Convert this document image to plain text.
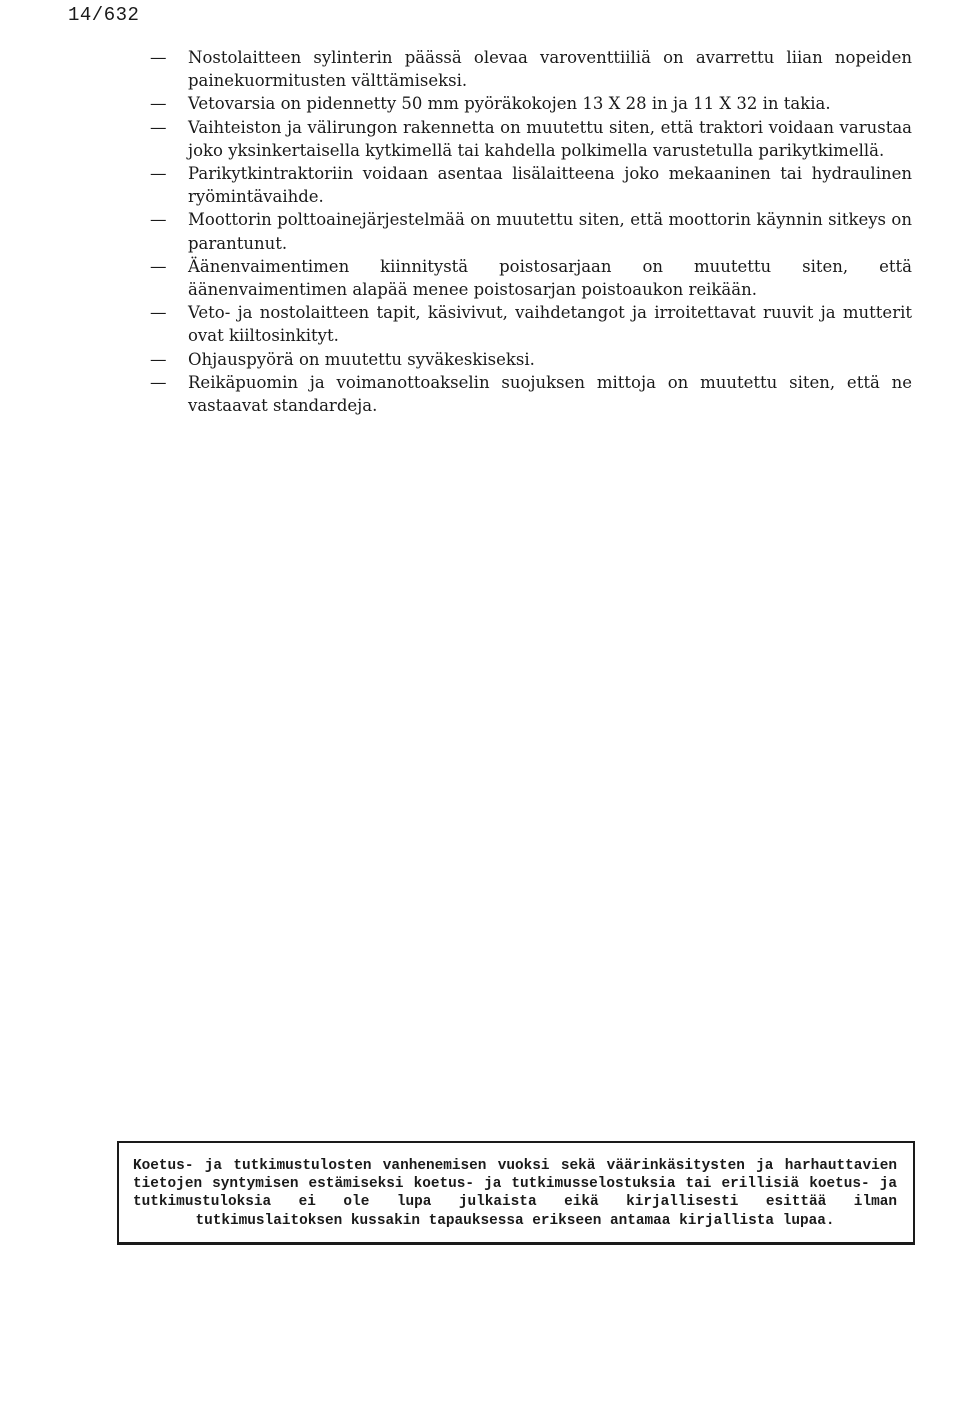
14/632
—	Nostolaitteen sylinterin päässä olevaa varoventtiiliä on avarrettu liian nopeiden painekuormitusten välttämiseksi.
—	Vetovarsia on pidennetty 50 mm pyöräkokojen 13 X 28 in ja 11 X 32 in takia.
—	Vaihteiston ja välirungon rakennetta on muutettu siten, että traktori voidaan varustaa joko yksinkertaisella kytkimellä tai kahdella polkimella varustetulla parikytkimellä.
—	Parikytkintraktoriin voidaan asentaa lisälaitteena joko mekaaninen tai hydraulinen ryömintävaihde.
—	Moottorin polttoainejärjestelmää on muutettu siten, että moottorin käynnin sitkeys on parantunut.
—	Äänenvaimentimen kiinnitystä poistosarjaan on muutettu siten, että äänenvaimentimen alapää menee poistosarjan poistoaukon reikään.
—	Veto- ja nostolaitteen tapit, käsivivut, vaihdetangot ja irroitettavat ruuvit ja mutterit ovat kiiltosinkityt.
—	Ohjauspyörä on muutettu syväkeskiseksi.
—	Reikäpuomin ja voimanottoakselin suojuksen mittoja on muutettu siten, että ne vastaavat standardeja.
Koetus- ja tutkimustulosten vanhenemisen vuoksi sekä väärinkäsitysten ja harhauttavien tietojen syntymisen estämiseksi koetus- ja tutkimusselostuksia tai erillisiä koetus- ja tutkimustuloksia ei ole lupa julkaista eikä kirjallisesti esittää ilman tutkimuslaitoksen kussakin tapauksessa erikseen antamaa kirjallista lupaa.
